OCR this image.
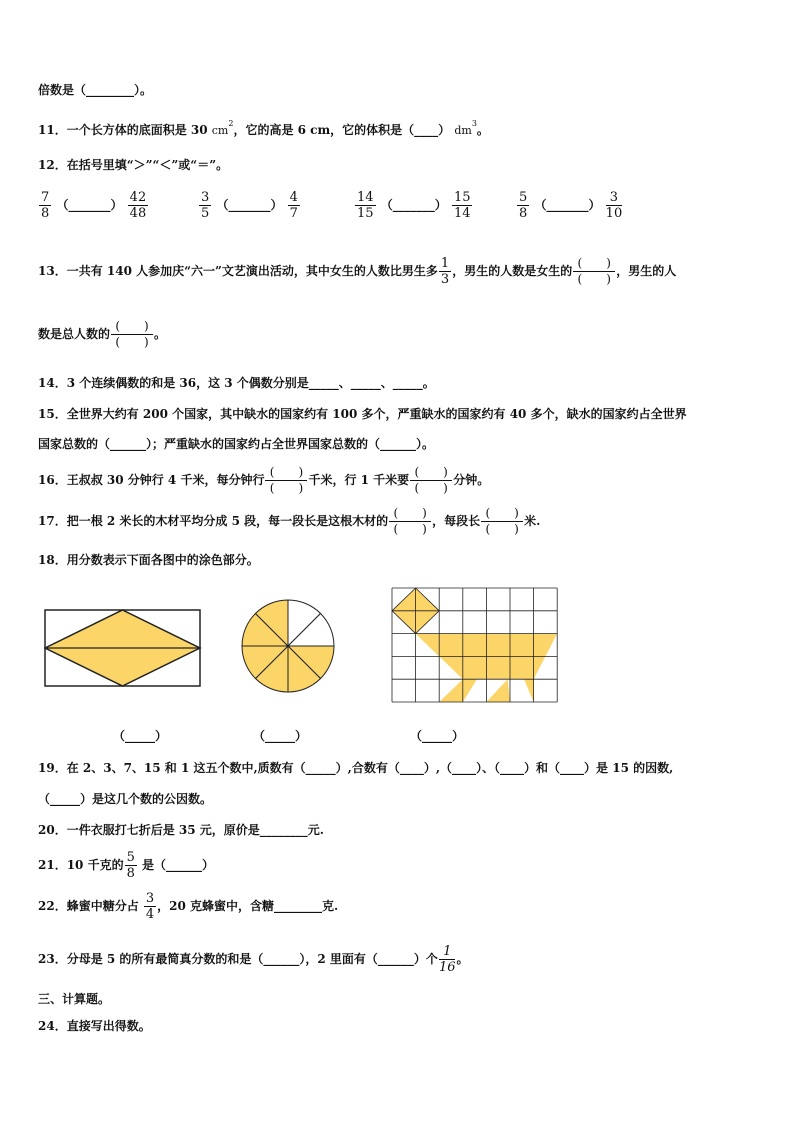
倍数是（________）。
11．一个长方体的底面积是 30 $cm^2$，它的高是 6 cm，它的体积是（____） $dm^3$。
12．在括号里填“＞”“＜”或“＝”。
$\frac{7}{8}$ （_______） $\frac{42}{48}$	$\frac{3}{5}$ （_______） $\frac{4}{7}$	$\frac{14}{15}$ （_______） $\frac{15}{14}$	$\frac{5}{8}$ （_______） $\frac{3}{10}$
13．一共有 140 人参加庆“六一”文艺演出活动，其中女生的人数比男生多 $\frac{1}{3}$ ，男生的人数是女生的 $\frac{( )}{( )}$ ，男生的人
数是总人数的 $\frac{( )}{( )}$ 。
14．3 个连续偶数的和是 36，这 3 个偶数分别是_____、_____、_____。
15．全世界大约有 200 个国家，其中缺水的国家约有 100 多个，严重缺水的国家约有 40 多个，缺水的国家约占全世界
国家总数的（______）；严重缺水的国家约占全世界国家总数的（______）。
16．王叔叔 30 分钟行 4 千米，每分钟行 $\frac{( )}{( )}$ 千米，行 1 千米要 $\frac{( )}{( )}$ 分钟。
17．把一根 2 米长的木材平均分成 5 段，每一段长是这根木材的 $\frac{( )}{( )}$ ，每段长 $\frac{( )}{( )}$ 米.
18．用分数表示下面各图中的涂色部分。
（_____）	（_____）	（_____）
19．在 2、3、7、15 和 1 这五个数中,质数有（_____）,合数有（____）,（____）、（____）和（____）是 15 的因数,
（_____）是这几个数的公因数。
20．一件衣服打七折后是 35 元，原价是________元.
21．10 千克的 $\frac{5}{8}$ 是（______）
22．蜂蜜中糖分占 $\frac{3}{4}$ ，20 克蜂蜜中，含糖________克.
23．分母是 5 的所有最简真分数的和是（______），2 里面有（______）个 $\frac{1}{16}$ 。
三、计算题。
24．直接写出得数。
